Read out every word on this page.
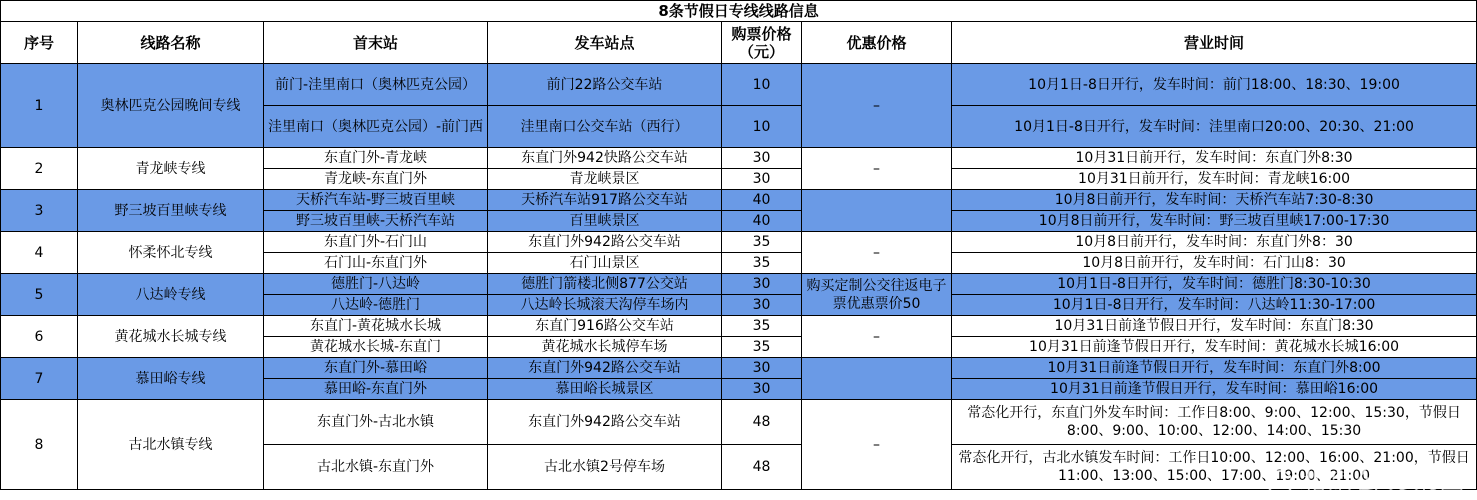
8条节假日专线线路信息						
序号	线路名称	首末站	发车站点	购票价格（元）	优惠价格	营业时间
1	奥林匹克公园晚间专线	前门-洼里南口（奥林匹克公园）	前门22路公交车站	10	–	10月1日-8日开行，发车时间：前门18:00、18:30、19:00
		洼里南口（奥林匹克公园）-前门西	洼里南口公交车站（西行）	10		10月1日-8日开行，发车时间：洼里南口20:00、20:30、21:00
2	青龙峡专线	东直门外-青龙峡	东直门外942快路公交车站	30	–	10月31日前开行，发车时间：东直门外8:30
		青龙峡-东直门外	青龙峡景区	30		10月31日前开行，发车时间：青龙峡16:00
3	野三坡百里峡专线	天桥汽车站-野三坡百里峡	天桥汽车站917路公交车站	40		10月8日前开行，发车时间：天桥汽车站7:30-8:30
		野三坡百里峡-天桥汽车站	百里峡景区	40		10月8日前开行，发车时间：野三坡百里峡17:00-17:30
4	怀柔怀北专线	东直门外-石门山	东直门外942路公交车站	35	–	10月8日前开行，发车时间：东直门外8：30
		石门山-东直门外	石门山景区	35		10月8日前开行，发车时间：石门山8：30
5	八达岭专线	德胜门-八达岭	德胜门箭楼北侧877公交站	30	购买定制公交往返电子票优惠票价50	10月1日-8日开行，发车时间：德胜门8:30-10:30
		八达岭-德胜门	八达岭长城滚天沟停车场内	30		10月1日-8日开行，发车时间：八达岭11:30-17:00
6	黄花城水长城专线	东直门-黄花城水长城	东直门916路公交车站	35	–	10月31日前逢节假日开行，发车时间：东直门8:30
		黄花城水长城-东直门	黄花城水长城停车场	35		10月31日前逢节假日开行，发车时间：黄花城水长城16:00
7	慕田峪专线	东直门外-慕田峪	东直门外942路公交车站	30		10月31日前逢节假日开行，发车时间：东直门外8:00
		慕田峪-东直门外	慕田峪长城景区	30		10月31日前逢节假日开行，发车时间：慕田峪16:00
8	古北水镇专线	东直门外-古北水镇	东直门外942路公交车站	48	–	常态化开行，东直门外发车时间：工作日8:00、9:00、12:00、15:30，节假日8:00、9:00、10:00、12:00、14:00、15:30
		古北水镇-东直门外	古北水镇2号停车场	48		常态化开行，古北水镇发车时间：工作日10:00、12:00、16:00、21:00，节假日11:00、13:00、15:00、17:00、19:00、21:00
北京公交集团
